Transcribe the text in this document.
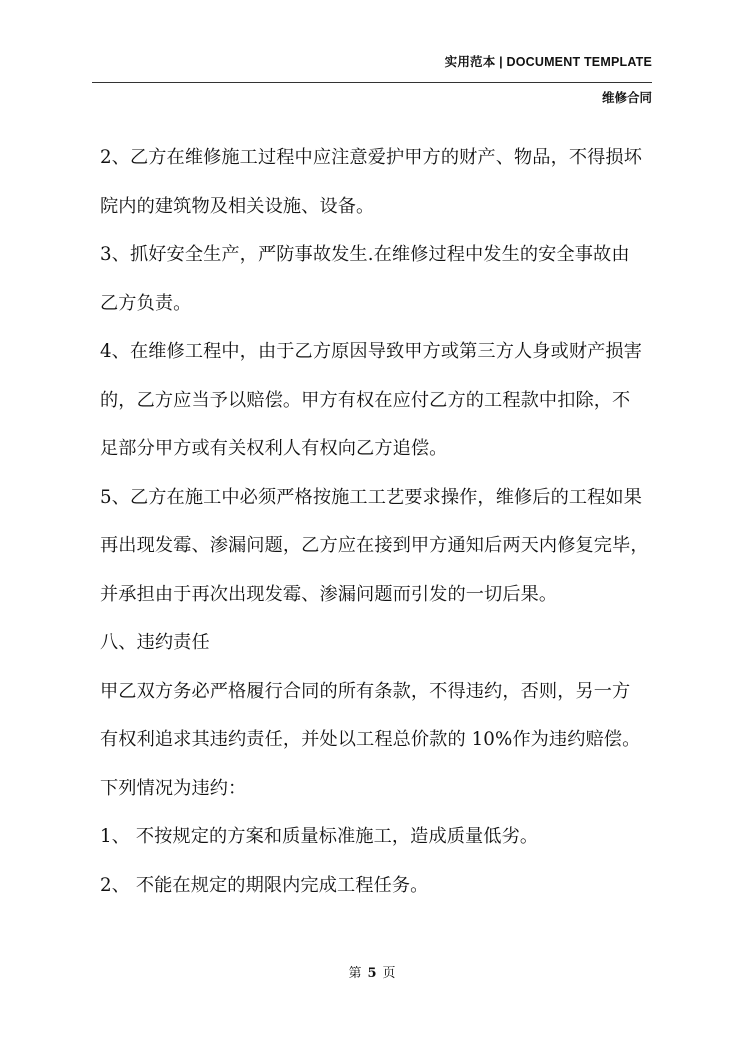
实用范本 | DOCUMENT TEMPLATE
维修合同
2、乙方在维修施工过程中应注意爱护甲方的财产、物品，不得损坏
院内的建筑物及相关设施、设备。
3、抓好安全生产，严防事故发生.在维修过程中发生的安全事故由
乙方负责。
4、在维修工程中，由于乙方原因导致甲方或第三方人身或财产损害
的，乙方应当予以赔偿。甲方有权在应付乙方的工程款中扣除，不
足部分甲方或有关权利人有权向乙方追偿。
5、乙方在施工中必须严格按施工工艺要求操作，维修后的工程如果
再出现发霉、渗漏问题，乙方应在接到甲方通知后两天内修复完毕，
并承担由于再次出现发霉、渗漏问题而引发的一切后果。
八、违约责任
甲乙双方务必严格履行合同的所有条款，不得违约，否则，另一方
有权利追求其违约责任，并处以工程总价款的 10%作为违约赔偿。
下列情况为违约：
1、 不按规定的方案和质量标准施工，造成质量低劣。
2、 不能在规定的期限内完成工程任务。
第 5 页
